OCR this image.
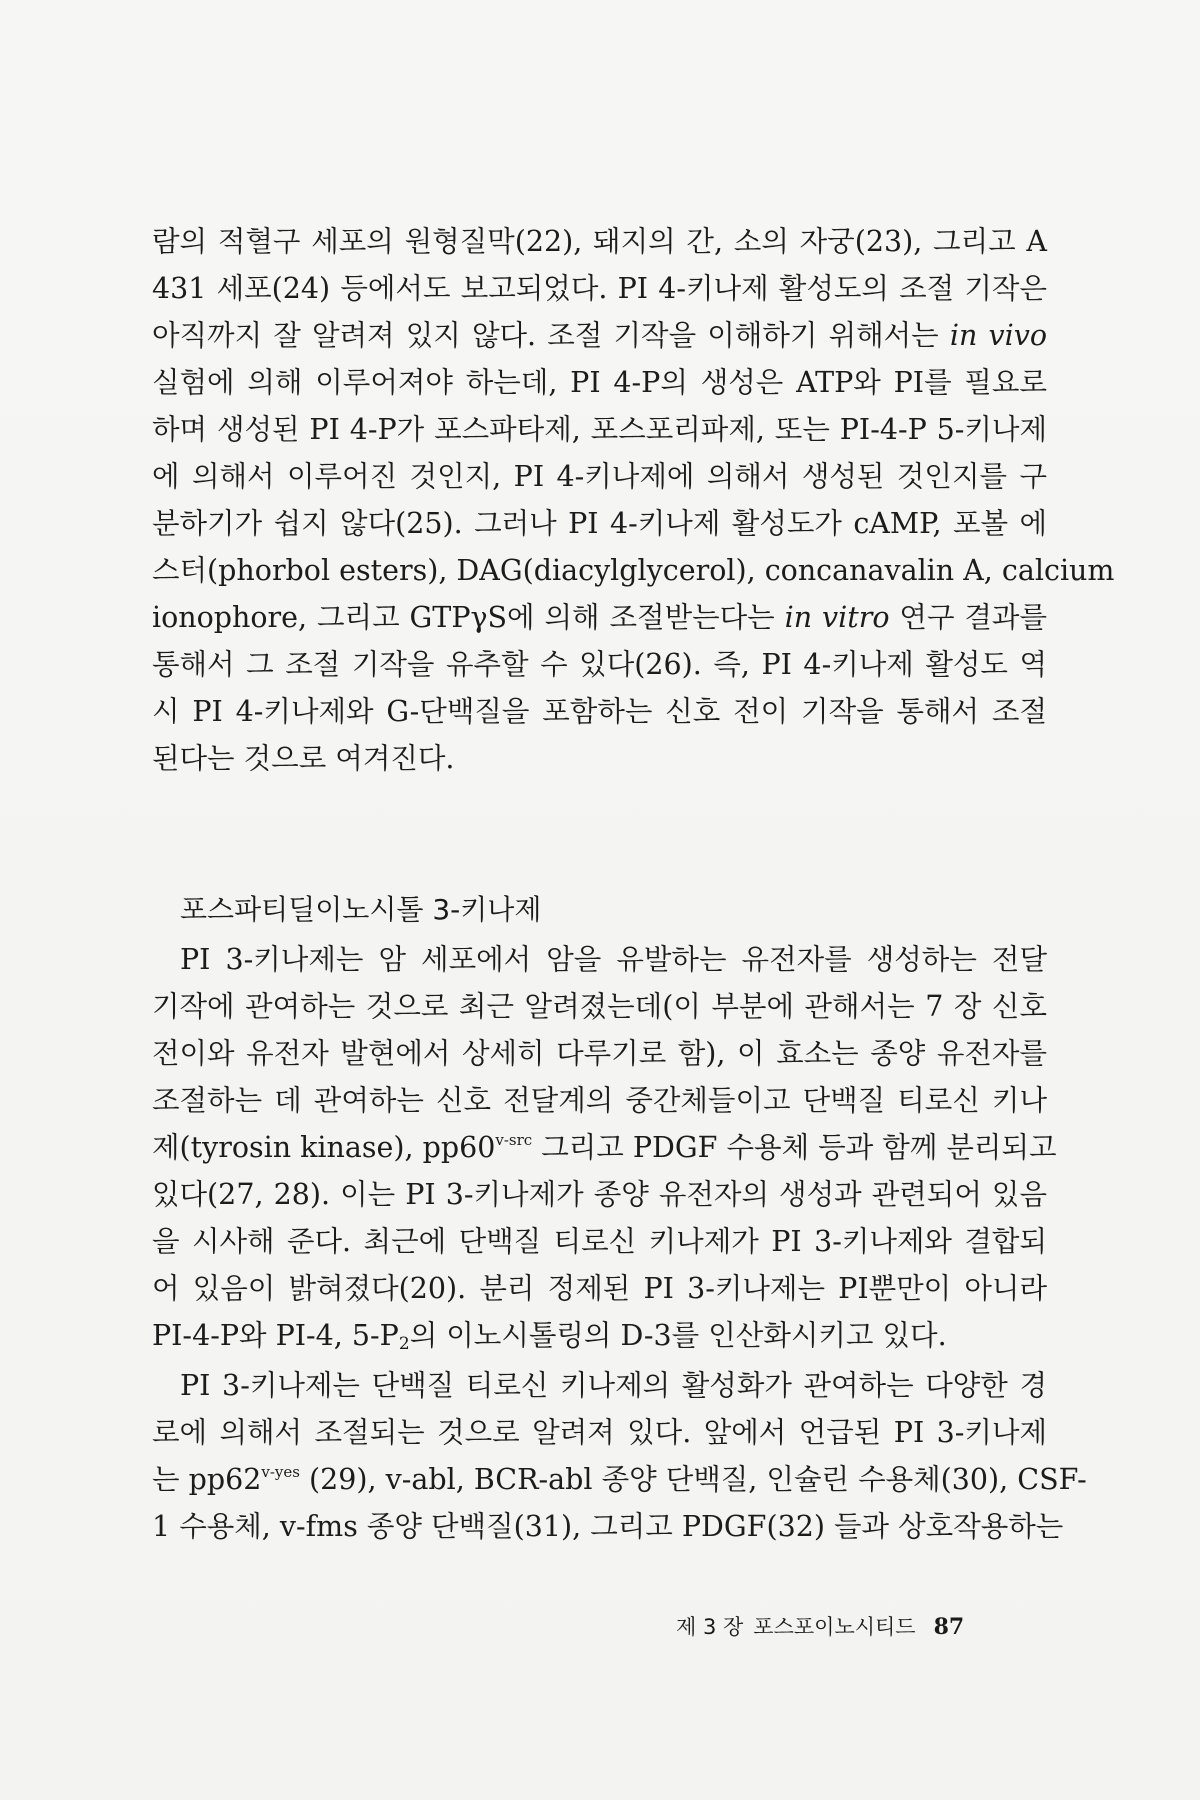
람의 적혈구 세포의 원형질막(22), 돼지의 간, 소의 자궁(23), 그리고 A
431 세포(24) 등에서도 보고되었다. PI 4-키나제 활성도의 조절 기작은
아직까지 잘 알려져 있지 않다. 조절 기작을 이해하기 위해서는 in vivo
실험에 의해 이루어져야 하는데, PI 4-P의 생성은 ATP와 PI를 필요로
하며 생성된 PI 4-P가 포스파타제, 포스포리파제, 또는 PI-4-P 5-키나제
에 의해서 이루어진 것인지, PI 4-키나제에 의해서 생성된 것인지를 구
분하기가 쉽지 않다(25). 그러나 PI 4-키나제 활성도가 cAMP, 포볼 에
스터(phorbol esters), DAG(diacylglycerol), concanavalin A, calcium
ionophore, 그리고 GTPγS에 의해 조절받는다는 in vitro 연구 결과를
통해서 그 조절 기작을 유추할 수 있다(26). 즉, PI 4-키나제 활성도 역
시 PI 4-키나제와 G-단백질을 포함하는 신호 전이 기작을 통해서 조절
된다는 것으로 여겨진다.
포스파티딜이노시톨 3-키나제
PI 3-키나제는 암 세포에서 암을 유발하는 유전자를 생성하는 전달
기작에 관여하는 것으로 최근 알려졌는데(이 부분에 관해서는 7 장 신호
전이와 유전자 발현에서 상세히 다루기로 함), 이 효소는 종양 유전자를
조절하는 데 관여하는 신호 전달계의 중간체들이고 단백질 티로신 키나
제(tyrosin kinase), $pp60^{v-src}$ 그리고 PDGF 수용체 등과 함께 분리되고
있다(27, 28). 이는 PI 3-키나제가 종양 유전자의 생성과 관련되어 있음
을 시사해 준다. 최근에 단백질 티로신 키나제가 PI 3-키나제와 결합되
어 있음이 밝혀졌다(20). 분리 정제된 PI 3-키나제는 PI뿐만이 아니라
PI-4-P와 PI-4, $5-P_2$의 이노시톨링의 D-3를 인산화시키고 있다.
PI 3-키나제는 단백질 티로신 키나제의 활성화가 관여하는 다양한 경
로에 의해서 조절되는 것으로 알려져 있다. 앞에서 언급된 PI 3-키나제
는 $pp62^{v-yes}$ (29), v-abl, BCR-abl 종양 단백질, 인슐린 수용체(30), CSF-
1 수용체, v-fms 종양 단백질(31), 그리고 PDGF(32) 들과 상호작용하는
제 3 장 포스포이노시티드 87
